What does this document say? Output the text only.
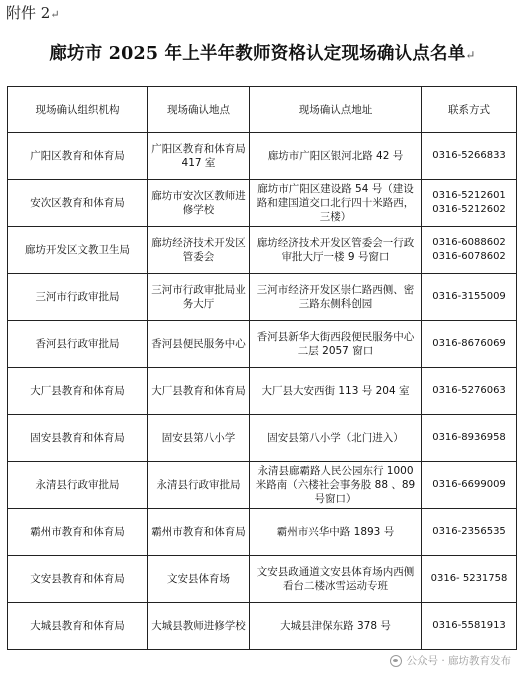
附件 2↵
廊坊市 2025 年上半年教师资格认定现场确认点名单↵
现场确认组织机构	现场确认地点	现场确认点地址	联系方式
广阳区教育和体育局	广阳区教育和体育局 417 室	廊坊市广阳区银河北路 42 号	0316-5266833

安次区教育和体育局	廊坊市安次区教师进修学校	廊坊市广阳区建设路 54 号（建设路和建国道交口北行四十米路西，三楼）	0316-5212601
0316-5212602

廊坊开发区文教卫生局	廊坊经济技术开发区管委会	廊坊经济技术开发区管委会一行政审批大厅一楼 9 号窗口	0316-6088602
0316-6078602

三河市行政审批局	三河市行政审批局业务大厅	三河市经济开发区崇仁路西侧、密三路东侧科创园	0316-3155009

香河县行政审批局	香河县便民服务中心	香河县新华大街西段便民服务中心二层 2057 窗口	0316-8676069

大厂县教育和体育局	大厂县教育和体育局	大厂县大安西街 113 号 204 室	0316-5276063

固安县教育和体育局	固安县第八小学	固安县第八小学（北门进入）	0316-8936958

永清县行政审批局	永清县行政审批局	永清县廊霸路人民公园东行 1000 米路南（六楼社会事务股 88 、89 号窗口）	0316-6699009

霸州市教育和体育局	霸州市教育和体育局	霸州市兴华中路 1893 号	0316-2356535

文安县教育和体育局	文安县体育场	文安县政通道文安县体育场内西侧看台二楼冰雪运动专班	0316- 5231758

大城县教育和体育局	大城县教师进修学校	大城县津保东路 378 号	0316-5581913
公众号 · 廊坊教育发布
